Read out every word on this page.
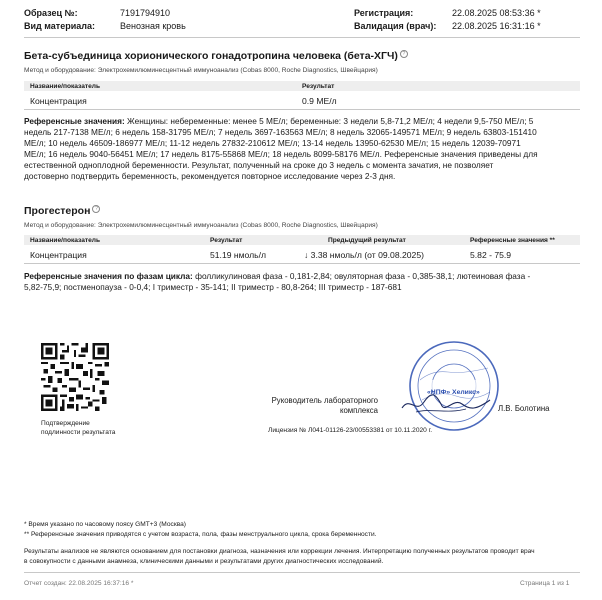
Образец №:	7191794910
Вид материала:	Венозная кровь
Регистрация:	22.08.2025 08:53:36 *
Валидация (врач): 22.08.2025 16:31:16 *
Бета-субъединица хорионического гонадотропина человека (бета-ХГЧ) ?
Метод и оборудование: Электрохемилюминесцентный иммуноанализ (Cobas 8000, Roche Diagnostics, Швейцария)
Название/показатель	Результат
Концентрация	0.9 МЕ/л
Референсные значения: Женщины: небеременные: менее 5 МЕ/л; беременные: 3 недели 5,8-71,2 МЕ/л; 4 недели 9,5-750 МЕ/л; 5
недель 217-7138 МЕ/л; 6 недель 158-31795 МЕ/л; 7 недель 3697-163563 МЕ/л; 8 недель 32065-149571 МЕ/л; 9 недель 63803-151410
МЕ/л; 10 недель 46509-186977 МЕ/л; 11-12 недель 27832-210612 МЕ/л; 13-14 недель 13950-62530 МЕ/л; 15 недель 12039-70971
МЕ/л; 16 недель 9040-56451 МЕ/л; 17 недель 8175-55868 МЕ/л; 18 недель 8099-58176 МЕ/л. Референсные значения приведены для
естественной одноплодной беременности. Результат, полученный на сроке до 3 недель с момента зачатия, не позволяет
достоверно подтвердить беременность, рекомендуется повторное исследование через 2-3 дня.
Прогестерон ?
Метод и оборудование: Электрохемилюминесцентный иммуноанализ (Cobas 8000, Roche Diagnostics, Швейцария)
Название/показатель	Результат	Предыдущий результат	Референсные значения **
Концентрация	51.19 нмоль/л	↓ 3.38 нмоль/л (от 09.08.2025)	5.82 - 75.9
Референсные значения по фазам цикла: фолликулиновая фаза - 0,181-2,84; овуляторная фаза - 0,385-38,1; лютеиновая фаза -
5,82-75,9; постменопауза - 0-0,4; I триместр - 35-141; II триместр - 80,8-264; III триместр - 187-681
Подтверждение
подлинности результата
Руководитель лабораторного
комплекса
«НПФ» Хеликс»
Л.В. Болотина
Лицензия № Л041-01126-23/00553381 от 10.11.2020 г.
* Время указано по часовому поясу GMT+3 (Москва)
** Референсные значения приводятся с учетом возраста, пола, фазы менструального цикла, срока беременности.
Результаты анализов не являются основанием для постановки диагноза, назначения или коррекции лечения. Интерпретацию полученных результатов проводит врач
в совокупности с данными анамнеза, клиническими данными и результатами других диагностических исследований.
Отчет создан: 22.08.2025 16:37:16 *	Страница 1 из 1
